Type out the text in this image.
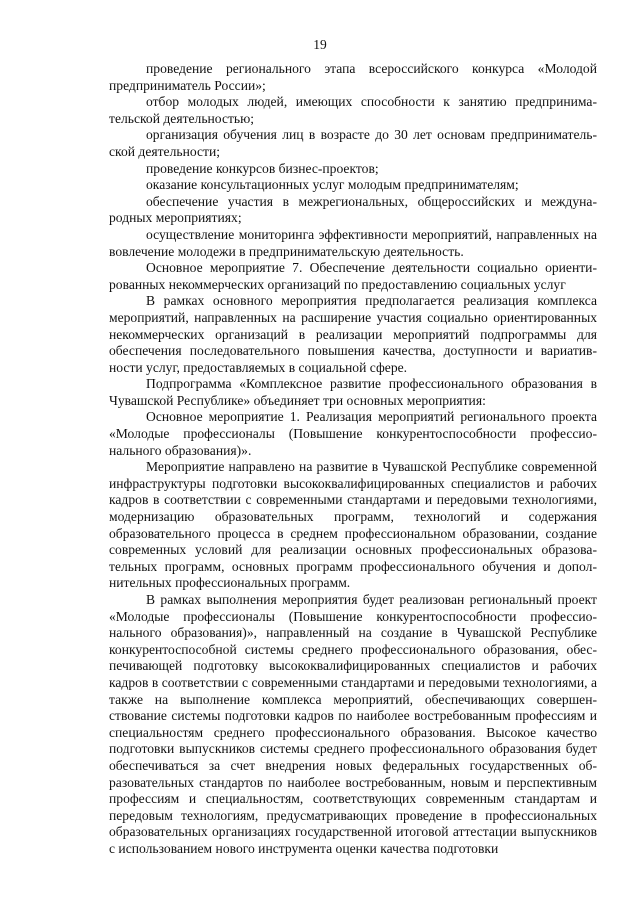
19

проведение регионального этапа всероссийского конкурса «Молодой предприниматель России»;

отбор молодых людей, имеющих способности к занятию предпринимательской деятельностью;

организация обучения лиц в возрасте до 30 лет основам предпринимательской деятельности;

проведение конкурсов бизнес-проектов;

оказание консультационных услуг молодым предпринимателям;

обеспечение участия в межрегиональных, общероссийских и международных мероприятиях;

осуществление мониторинга эффективности мероприятий, направленных на вовлечение молодежи в предпринимательскую деятельность.

Основное мероприятие 7. Обеспечение деятельности социально ориентированных некоммерческих организаций по предоставлению социальных услуг

В рамках основного мероприятия предполагается реализация комплекса мероприятий, направленных на расширение участия социально ориентированных некоммерческих организаций в реализации мероприятий подпрограммы для обеспечения последовательного повышения качества, доступности и вариативности услуг, предоставляемых в социальной сфере.

Подпрограмма «Комплексное развитие профессионального образования в Чувашской Республике» объединяет три основных мероприятия:

Основное мероприятие 1. Реализация мероприятий регионального проекта «Молодые профессионалы (Повышение конкурентоспособности профессионального образования)».

Мероприятие направлено на развитие в Чувашской Республике современной инфраструктуры подготовки высококвалифицированных специалистов и рабочих кадров в соответствии с современными стандартами и передовыми технологиями, модернизацию образовательных программ, технологий и содержания образовательного процесса в среднем профессиональном образовании, создание современных условий для реализации основных профессиональных образовательных программ, основных программ профессионального обучения и дополнительных профессиональных программ.

В рамках выполнения мероприятия будет реализован региональный проект «Молодые профессионалы (Повышение конкурентоспособности профессионального образования)», направленный на создание в Чувашской Республике конкурентоспособной системы среднего профессионального образования, обеспечивающей подготовку высококвалифицированных специалистов и рабочих кадров в соответствии с современными стандартами и передовыми технологиями, а также на выполнение комплекса мероприятий, обеспечивающих совершенствование системы подготовки кадров по наиболее востребованным профессиям и специальностям среднего профессионального образования. Высокое качество подготовки выпускников системы среднего профессионального образования будет обеспечиваться за счет внедрения новых федеральных государственных образовательных стандартов по наиболее востребованным, новым и перспективным профессиям и специальностям, соответствующих современным стандартам и передовым технологиям, предусматривающих проведение в профессиональных образовательных организациях государственной итоговой аттестации выпускников с использованием нового инструмента оценки качества подготовки
